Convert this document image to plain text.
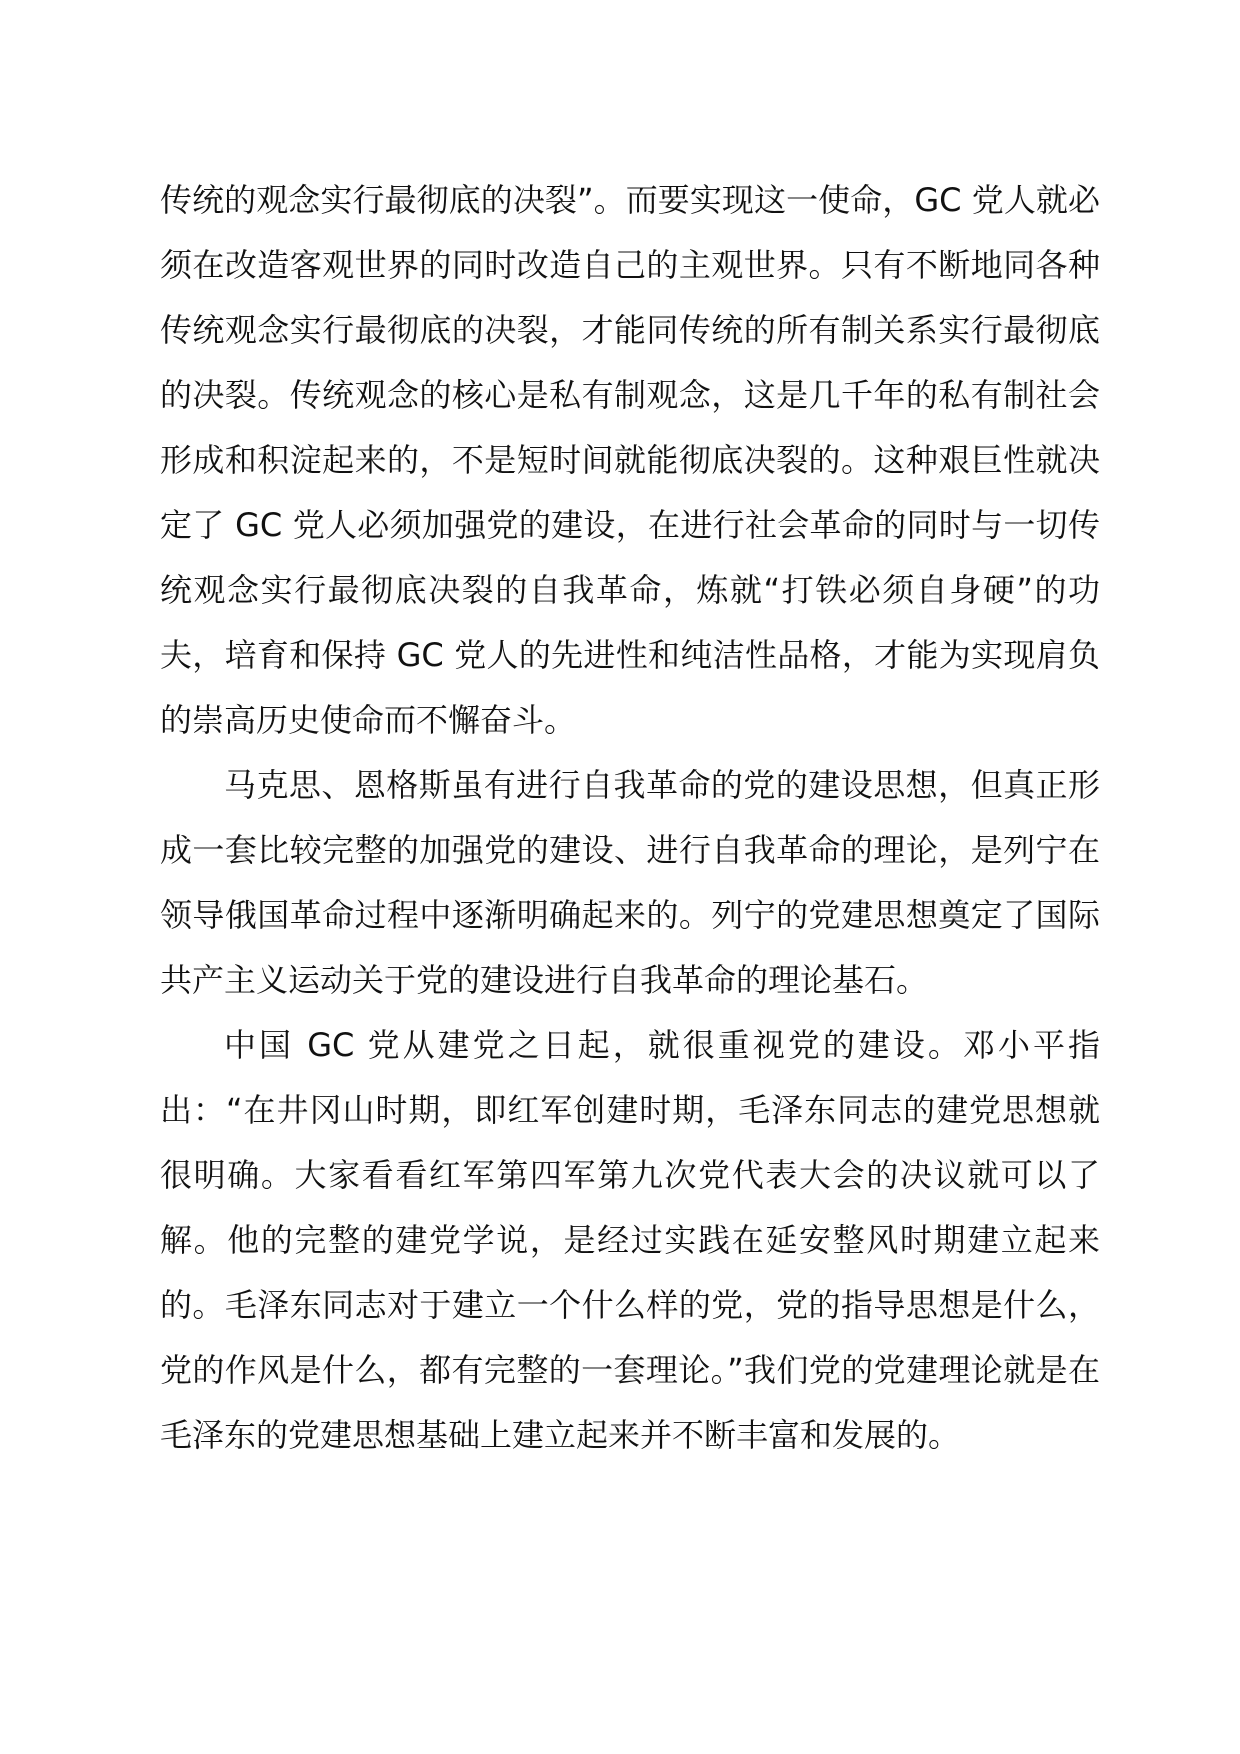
传统的观念实行最彻底的决裂”。而要实现这一使命，GC 党人就必须在改造客观世界的同时改造自己的主观世界。只有不断地同各种传统观念实行最彻底的决裂，才能同传统的所有制关系实行最彻底的决裂。传统观念的核心是私有制观念，这是几千年的私有制社会形成和积淀起来的，不是短时间就能彻底决裂的。这种艰巨性就决定了 GC 党人必须加强党的建设，在进行社会革命的同时与一切传统观念实行最彻底决裂的自我革命，炼就“打铁必须自身硬”的功夫，培育和保持 GC 党人的先进性和纯洁性品格，才能为实现肩负的崇高历史使命而不懈奋斗。

马克思、恩格斯虽有进行自我革命的党的建设思想，但真正形成一套比较完整的加强党的建设、进行自我革命的理论，是列宁在领导俄国革命过程中逐渐明确起来的。列宁的党建思想奠定了国际共产主义运动关于党的建设进行自我革命的理论基石。

中国 GC 党从建党之日起，就很重视党的建设。邓小平指出：“在井冈山时期，即红军创建时期，毛泽东同志的建党思想就很明确。大家看看红军第四军第九次党代表大会的决议就可以了解。他的完整的建党学说，是经过实践在延安整风时期建立起来的。毛泽东同志对于建立一个什么样的党，党的指导思想是什么，党的作风是什么，都有完整的一套理论。”我们党的党建理论就是在毛泽东的党建思想基础上建立起来并不断丰富和发展的。
